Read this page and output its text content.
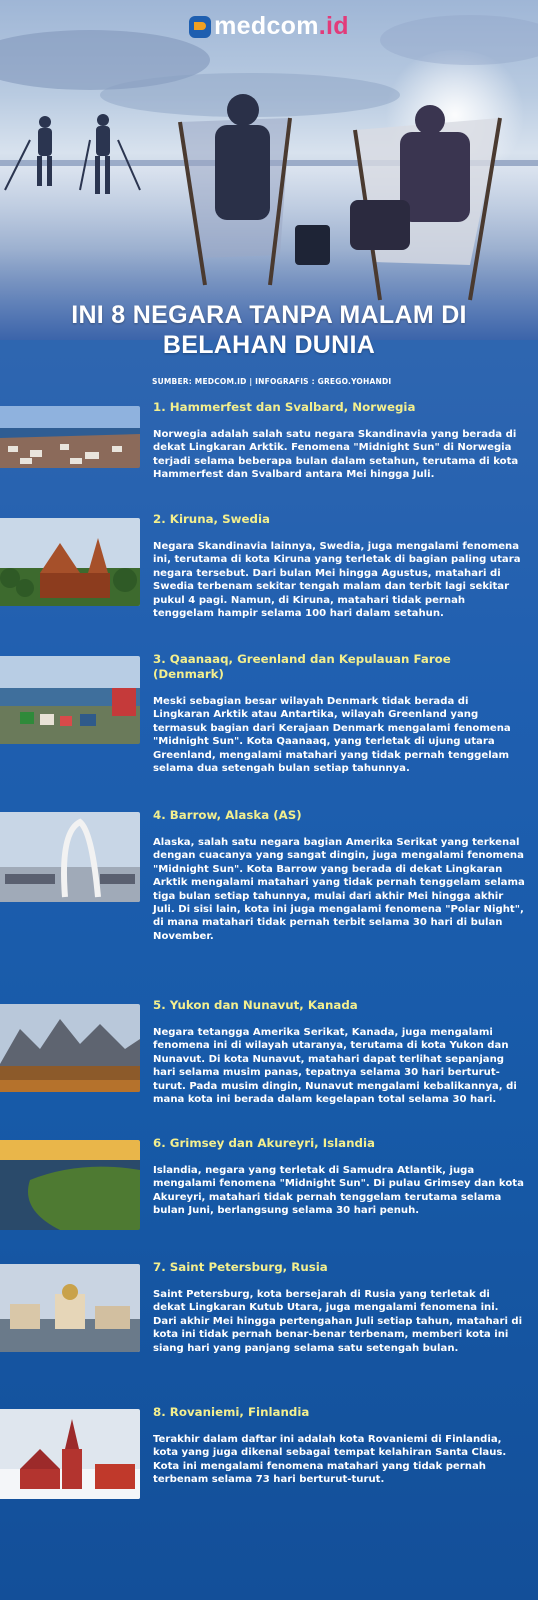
medcom.id
INI 8 NEGARA TANPA MALAM DI BELAHAN DUNIA
SUMBER: MEDCOM.ID | INFOGRAFIS : GREGO.YOHANDI
1. Hammerfest dan Svalbard, Norwegia

Norwegia adalah salah satu negara Skandinavia yang berada di dekat Lingkaran Arktik. Fenomena "Midnight Sun" di Norwegia terjadi selama beberapa bulan dalam setahun, terutama di kota Hammerfest dan Svalbard antara Mei hingga Juli.

2. Kiruna, Swedia

Negara Skandinavia lainnya, Swedia, juga mengalami fenomena ini, terutama di kota Kiruna yang terletak di bagian paling utara negara tersebut. Dari bulan Mei hingga Agustus, matahari di Swedia terbenam sekitar tengah malam dan terbit lagi sekitar pukul 4 pagi. Namun, di Kiruna, matahari tidak pernah tenggelam hampir selama 100 hari dalam setahun.

3. Qaanaaq, Greenland dan Kepulauan Faroe (Denmark)

Meski sebagian besar wilayah Denmark tidak berada di Lingkaran Arktik atau Antartika, wilayah Greenland yang termasuk bagian dari Kerajaan Denmark mengalami fenomena "Midnight Sun". Kota Qaanaaq, yang terletak di ujung utara Greenland, mengalami matahari yang tidak pernah tenggelam selama dua setengah bulan setiap tahunnya.

4. Barrow, Alaska (AS)

Alaska, salah satu negara bagian Amerika Serikat yang terkenal dengan cuacanya yang sangat dingin, juga mengalami fenomena "Midnight Sun". Kota Barrow yang berada di dekat Lingkaran Arktik mengalami matahari yang tidak pernah tenggelam selama tiga bulan setiap tahunnya, mulai dari akhir Mei hingga akhir Juli. Di sisi lain, kota ini juga mengalami fenomena "Polar Night", di mana matahari tidak pernah terbit selama 30 hari di bulan November.

5. Yukon dan Nunavut, Kanada

Negara tetangga Amerika Serikat, Kanada, juga mengalami fenomena ini di wilayah utaranya, terutama di kota Yukon dan Nunavut. Di kota Nunavut, matahari dapat terlihat sepanjang hari selama musim panas, tepatnya selama 30 hari berturut-turut. Pada musim dingin, Nunavut mengalami kebalikannya, di mana kota ini berada dalam kegelapan total selama 30 hari.

6. Grimsey dan Akureyri, Islandia

Islandia, negara yang terletak di Samudra Atlantik, juga mengalami fenomena "Midnight Sun". Di pulau Grimsey dan kota Akureyri, matahari tidak pernah tenggelam terutama selama bulan Juni, berlangsung selama 30 hari penuh.

7. Saint Petersburg, Rusia

Saint Petersburg, kota bersejarah di Rusia yang terletak di dekat Lingkaran Kutub Utara, juga mengalami fenomena ini. Dari akhir Mei hingga pertengahan Juli setiap tahun, matahari di kota ini tidak pernah benar-benar terbenam, memberi kota ini siang hari yang panjang selama satu setengah bulan.

8. Rovaniemi, Finlandia

Terakhir dalam daftar ini adalah kota Rovaniemi di Finlandia, kota yang juga dikenal sebagai tempat kelahiran Santa Claus. Kota ini mengalami fenomena matahari yang tidak pernah terbenam selama 73 hari berturut-turut.
